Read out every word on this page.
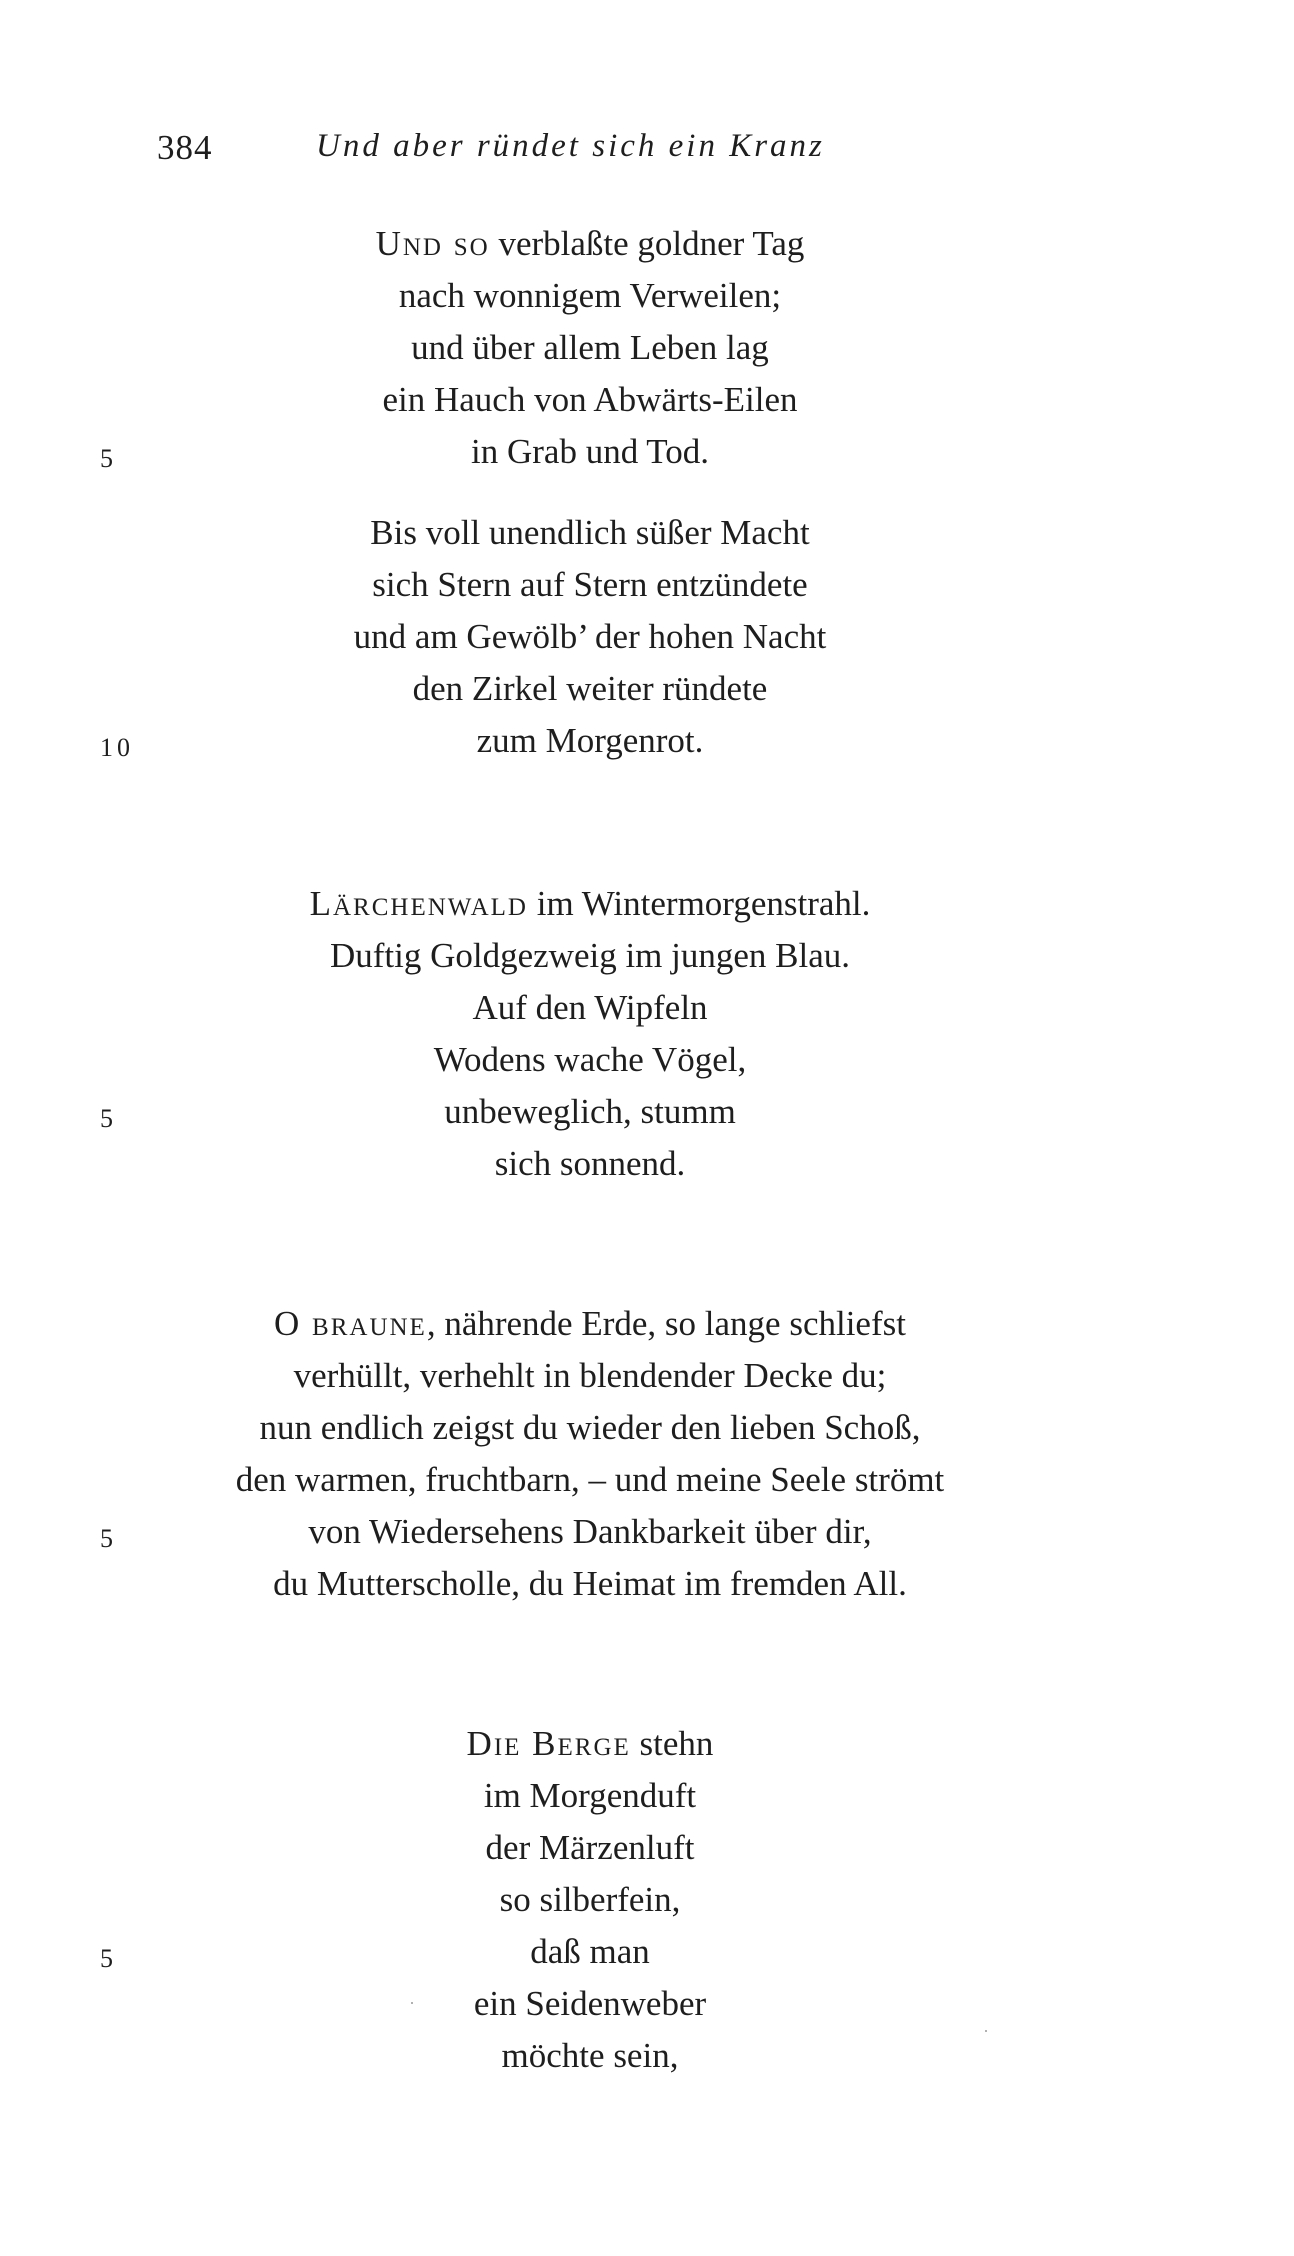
384	Und aber ründet sich ein Kranz
Und so verblaßte goldner Tag
nach wonnigem Verweilen;
und über allem Leben lag
ein Hauch von Abwärts-Eilen
in Grab und Tod.
Bis voll unendlich süßer Macht
sich Stern auf Stern entzündete
und am Gewölb’ der hohen Nacht
den Zirkel weiter ründete
zum Morgenrot.
5
10
Lärchenwald im Wintermorgenstrahl.
Duftig Goldgezweig im jungen Blau.
Auf den Wipfeln
Wodens wache Vögel,
unbeweglich, stumm
sich sonnend.
5
O braune, nährende Erde, so lange schliefst
verhüllt, verhehlt in blendender Decke du;
nun endlich zeigst du wieder den lieben Schoß,
den warmen, fruchtbarn, – und meine Seele strömt
von Wiedersehens Dankbarkeit über dir,
du Mutterscholle, du Heimat im fremden All.
5
Die Berge stehn
im Morgenduft
der Märzenluft
so silberfein,
daß man
ein Seidenweber
möchte sein,
5
